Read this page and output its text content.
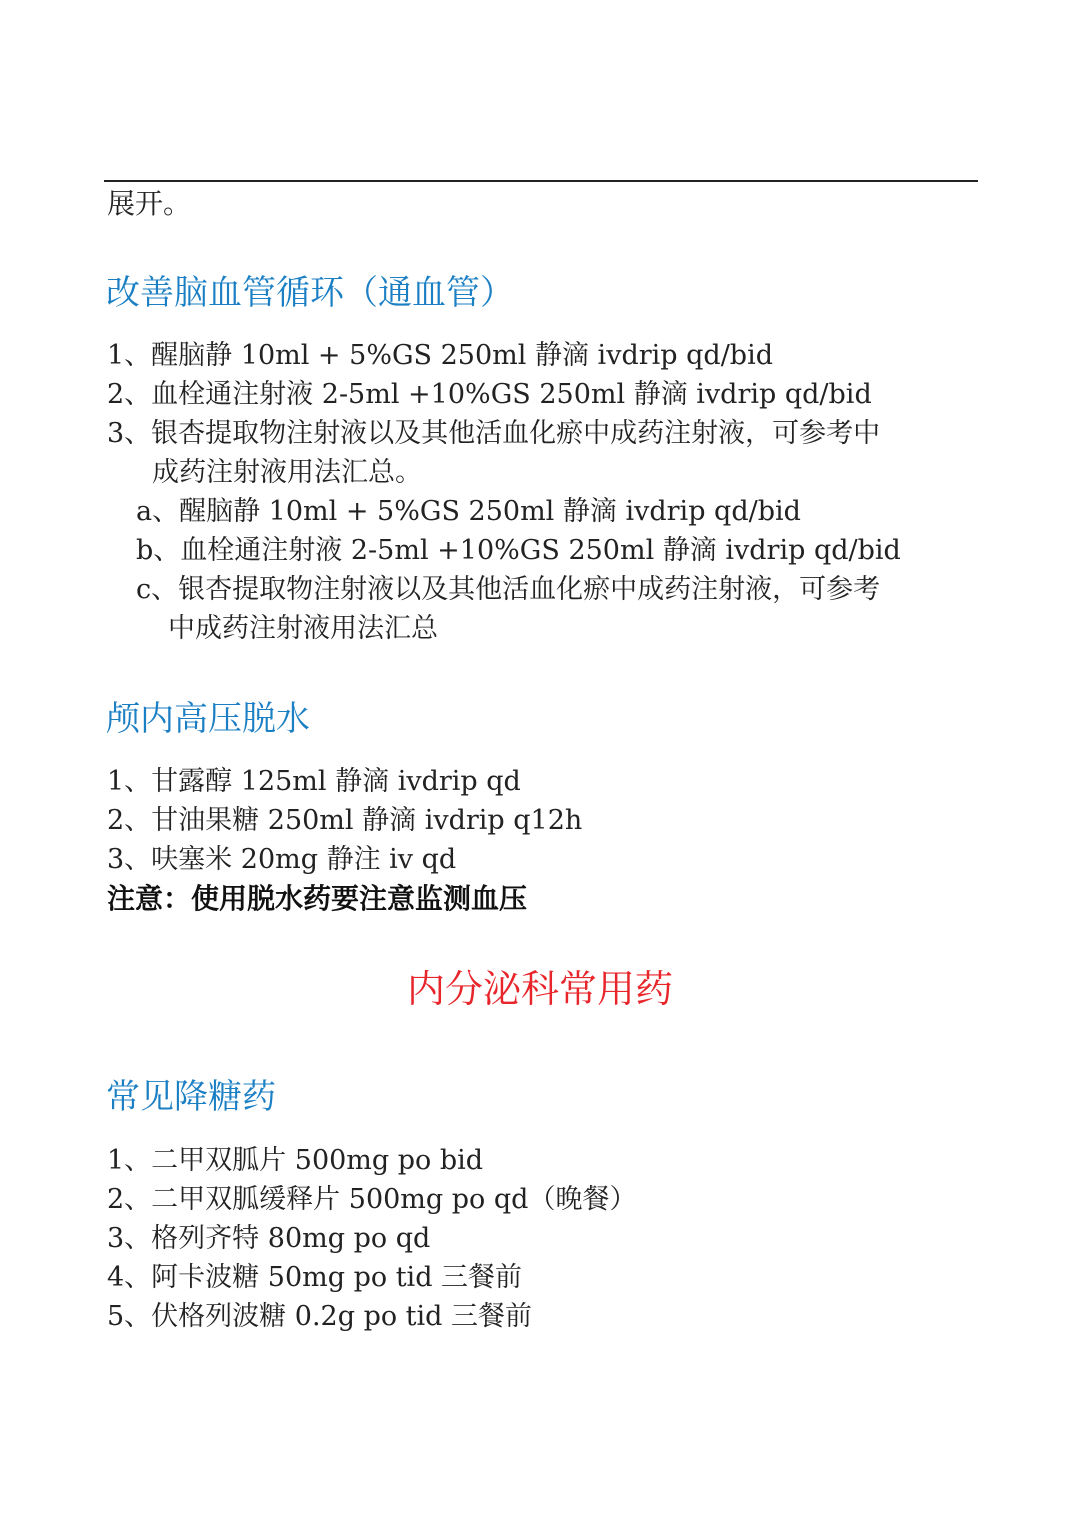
展开。
改善脑血管循环（通血管）
1、醒脑静 10ml + 5%GS 250ml 静滴 ivdrip qd/bid
2、血栓通注射液 2-5ml +10%GS 250ml 静滴 ivdrip qd/bid
3、银杏提取物注射液以及其他活血化瘀中成药注射液，可参考中
成药注射液用法汇总。
a、醒脑静 10ml + 5%GS 250ml 静滴 ivdrip qd/bid
b、血栓通注射液 2-5ml +10%GS 250ml 静滴 ivdrip qd/bid
c、银杏提取物注射液以及其他活血化瘀中成药注射液，可参考
中成药注射液用法汇总
颅内高压脱水
1、甘露醇 125ml 静滴 ivdrip qd
2、甘油果糖 250ml 静滴 ivdrip q12h
3、呋塞米 20mg 静注 iv qd
注意：使用脱水药要注意监测血压
内分泌科常用药
常见降糖药
1、二甲双胍片 500mg po bid
2、二甲双胍缓释片 500mg po qd（晚餐）
3、格列齐特 80mg po qd
4、阿卡波糖 50mg po tid 三餐前
5、伏格列波糖 0.2g po tid 三餐前
